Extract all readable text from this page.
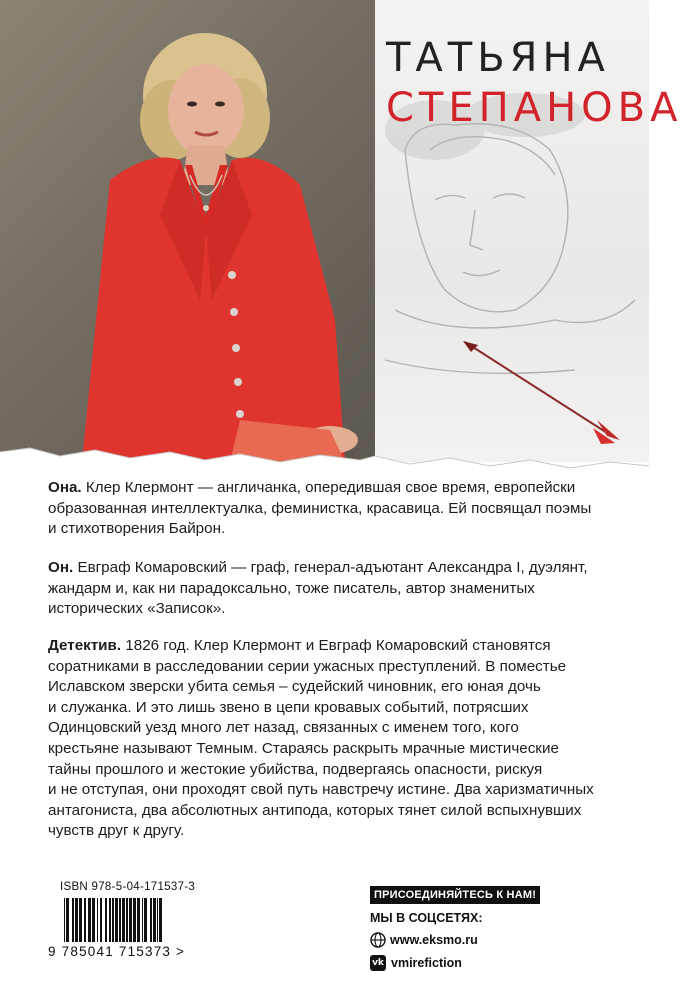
ТАТЬЯНА
СТЕПАНОВА
Она. Клер Клермонт — англичанка, опередившая свое время, европейски
образованная интеллектуалка, феминистка, красавица. Ей посвящал поэмы
и стихотворения Байрон.
Он. Евграф Комаровский — граф, генерал-адъютант Александра I, дуэлянт,
жандарм и, как ни парадоксально, тоже писатель, автор знаменитых
исторических «Записок».
Детектив. 1826 год. Клер Клермонт и Евграф Комаровский становятся
соратниками в расследовании серии ужасных преступлений. В поместье
Иславском зверски убита семья – судейский чиновник, его юная дочь
и служанка. И это лишь звено в цепи кровавых событий, потрясших
Одинцовский уезд много лет назад, связанных с именем того, кого
крестьяне называют Темным. Стараясь раскрыть мрачные мистические
тайны прошлого и жестокие убийства, подвергаясь опасности, рискуя
и не отступая, они проходят свой путь навстречу истине. Два харизматичных
антагониста, два абсолютных антипода, которых тянет силой вспыхнувших
чувств друг к другу.
ISBN 978-5-04-171537-3
9 785041 715373 >
ПРИСОЕДИНЯЙТЕСЬ К НАМ!
МЫ В СОЦСЕТЯХ:
www.eksmo.ru
vk vmirefiction
